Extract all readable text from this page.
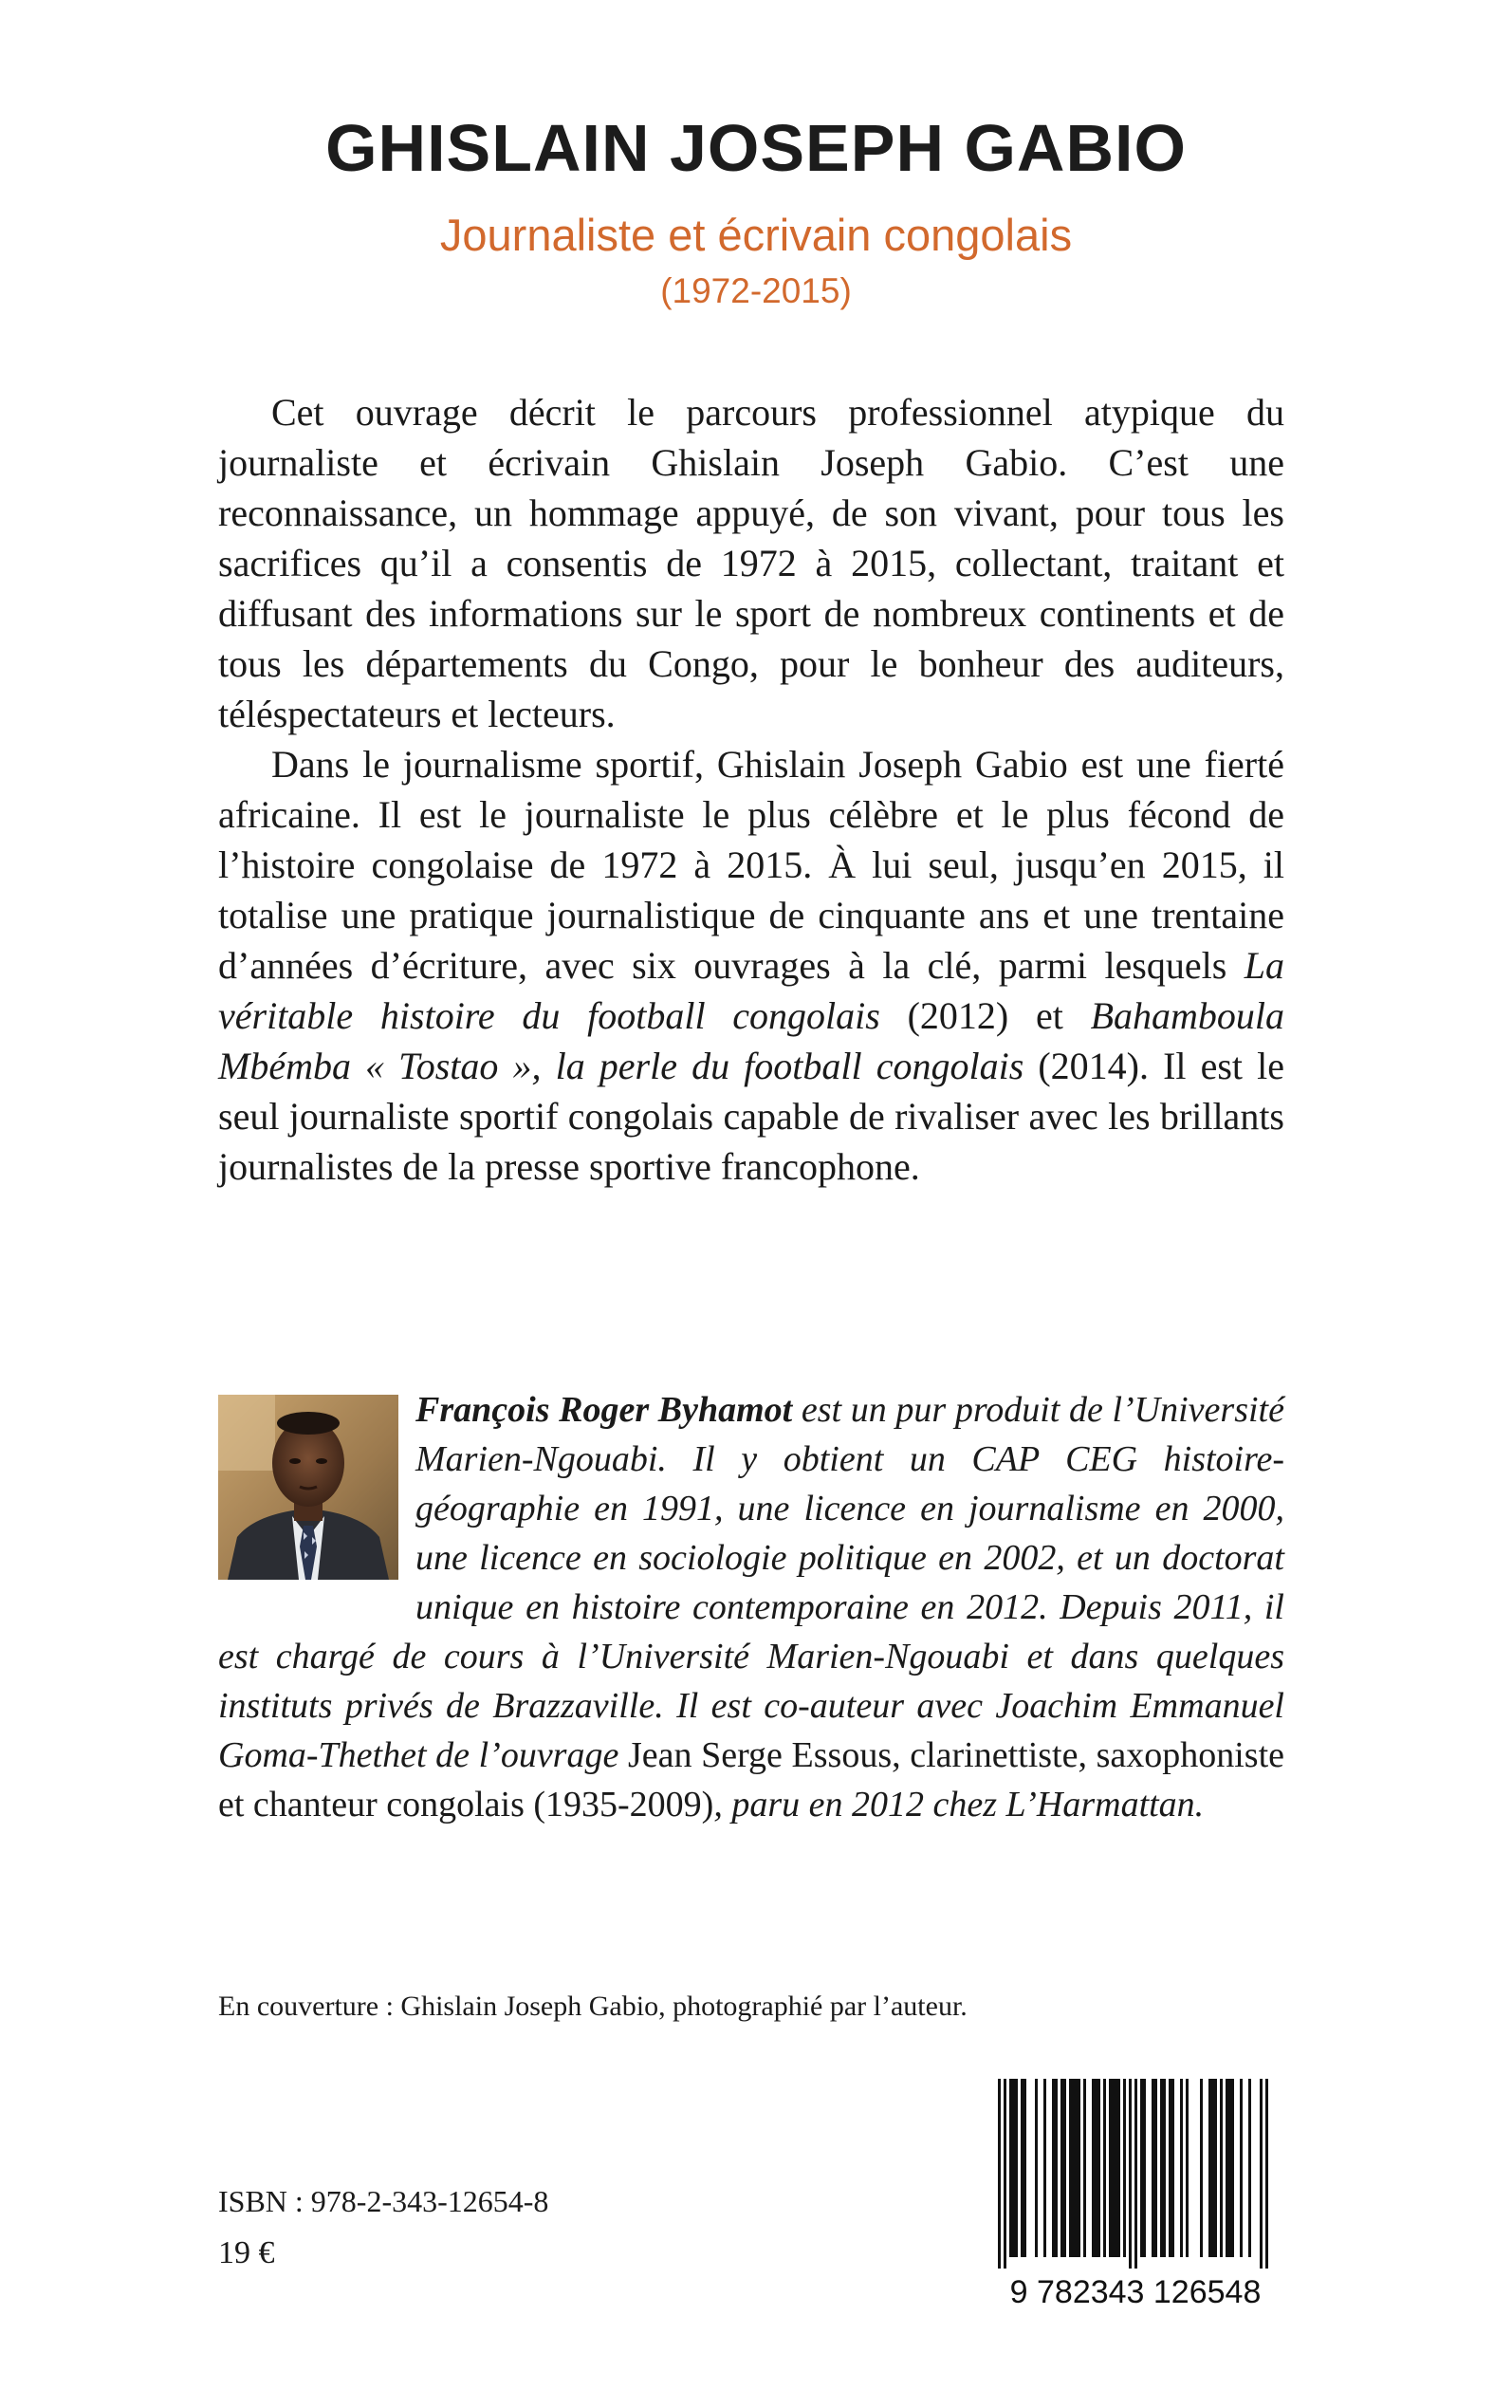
GHISLAIN JOSEPH GABIO
Journaliste et écrivain congolais
(1972-2015)

Cet ouvrage décrit le parcours professionnel atypique du journaliste et écrivain Ghislain Joseph Gabio. C’est une reconnaissance, un hommage appuyé, de son vivant, pour tous les sacrifices qu’il a consentis de 1972 à 2015, collectant, traitant et diffusant des informations sur le sport de nombreux continents et de tous les départements du Congo, pour le bonheur des auditeurs, téléspectateurs et lecteurs.

Dans le journalisme sportif, Ghislain Joseph Gabio est une fierté africaine. Il est le journaliste le plus célèbre et le plus fécond de l’histoire congolaise de 1972 à 2015. À lui seul, jusqu’en 2015, il totalise une pratique journalistique de cinquante ans et une trentaine d’années d’écriture, avec six ouvrages à la clé, parmi lesquels La véritable histoire du football congolais (2012) et Bahamboula Mbémba « Tostao », la perle du football congolais (2014). Il est le seul journaliste sportif congolais capable de rivaliser avec les brillants journalistes de la presse sportive francophone.

François Roger Byhamot est un pur produit de l’Université Marien-Ngouabi. Il y obtient un CAP CEG histoire-géographie en 1991, une licence en journalisme en 2000, une licence en sociologie politique en 2002, et un doctorat unique en histoire contemporaine en 2012. Depuis 2011, il est chargé de cours à l’Université Marien-Ngouabi et dans quelques instituts privés de Brazzaville. Il est co-auteur avec Joachim Emmanuel Goma-Thethet de l’ouvrage Jean Serge Essous, clarinettiste, saxophoniste et chanteur congolais (1935-2009), paru en 2012 chez L’Harmattan.
En couverture : Ghislain Joseph Gabio, photographié par l’auteur.
ISBN : 978-2-343-12654-8
19 €
9 782343 126548
